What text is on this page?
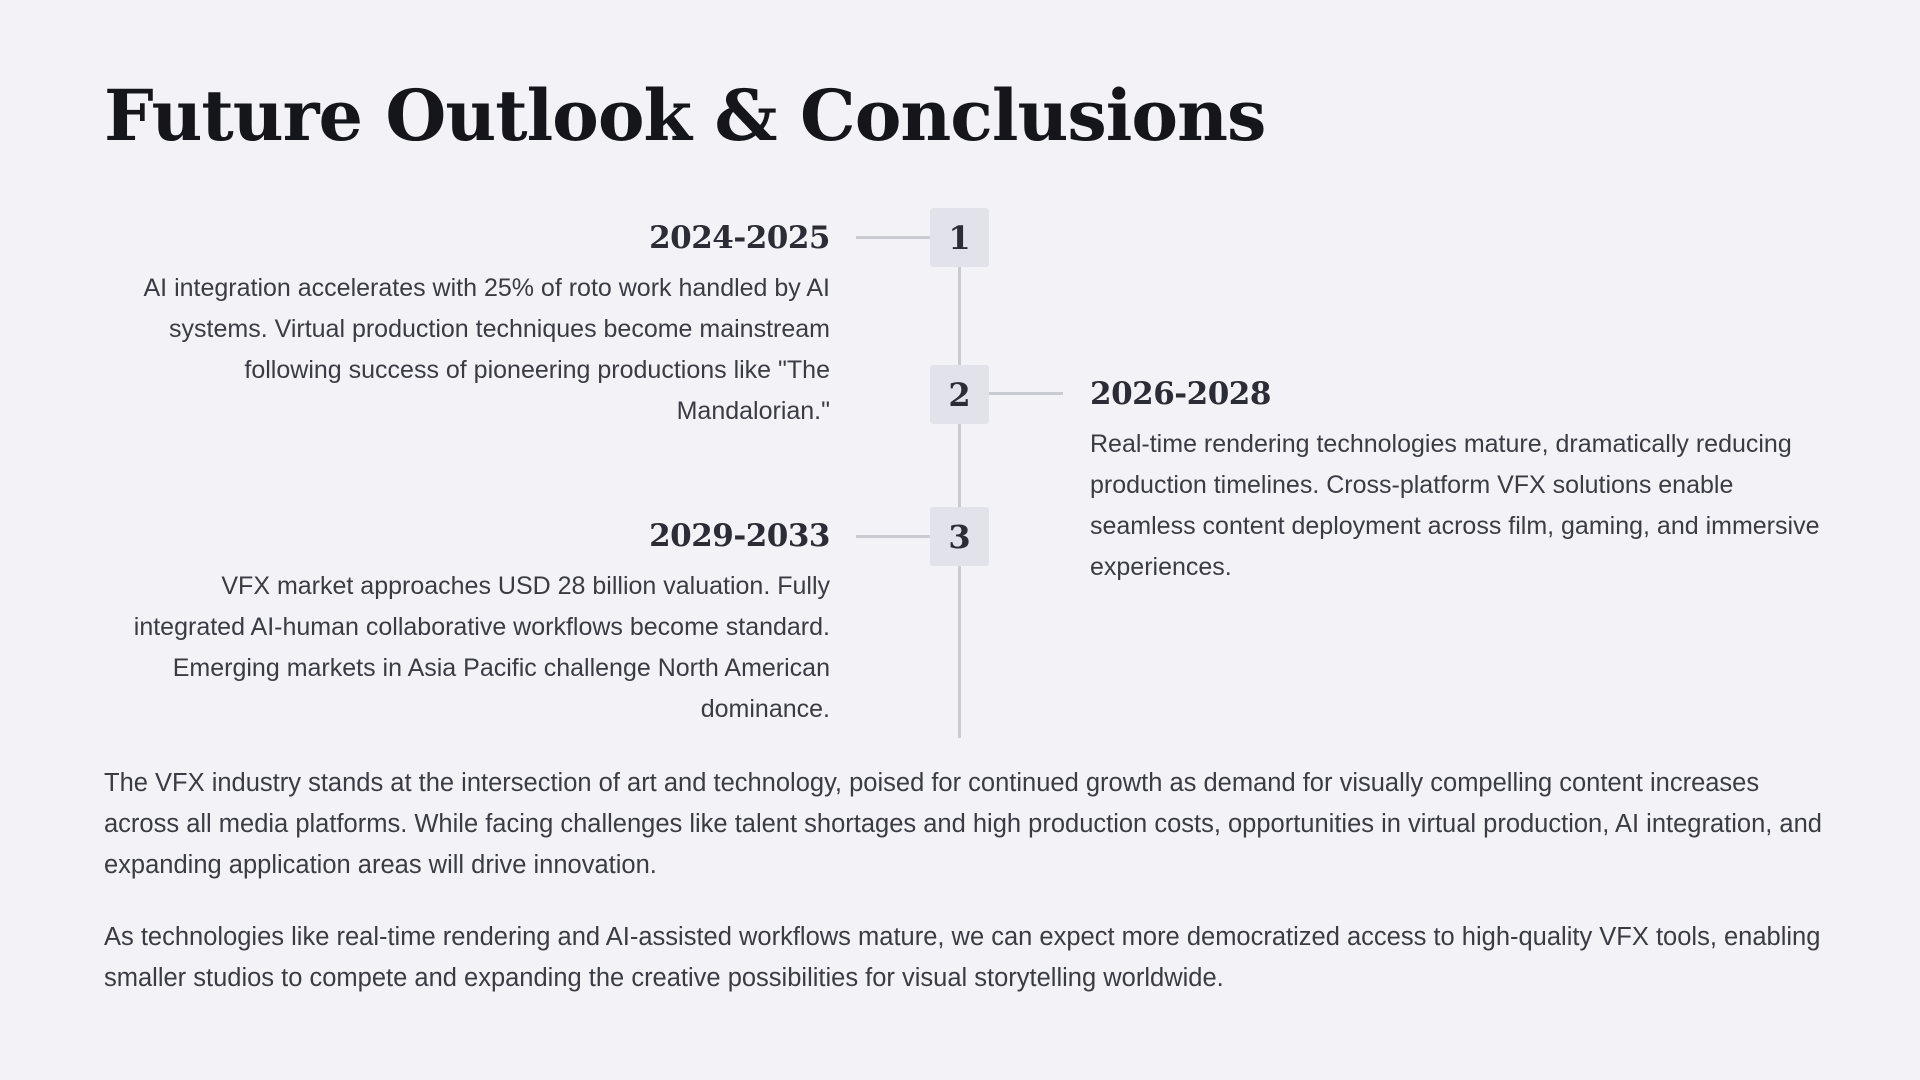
Future Outlook & Conclusions
1
2024-2025

AI integration accelerates with 25% of roto work handled by AI systems. Virtual production techniques become mainstream following success of pioneering productions like "The Mandalorian."	2	2026-2028

Real-time rendering technologies mature, dramatically reducing production timelines. Cross-platform VFX solutions enable seamless content deployment across film, gaming, and immersive experiences.

3
2029-2033

VFX market approaches USD 28 billion valuation. Fully integrated AI-human collaborative workflows become standard. Emerging markets in Asia Pacific challenge North American dominance.

The VFX industry stands at the intersection of art and technology, poised for continued growth as demand for visually compelling content increases across all media platforms. While facing challenges like talent shortages and high production costs, opportunities in virtual production, AI integration, and expanding application areas will drive innovation.

As technologies like real-time rendering and AI-assisted workflows mature, we can expect more democratized access to high-quality VFX tools, enabling smaller studios to compete and expanding the creative possibilities for visual storytelling worldwide.
